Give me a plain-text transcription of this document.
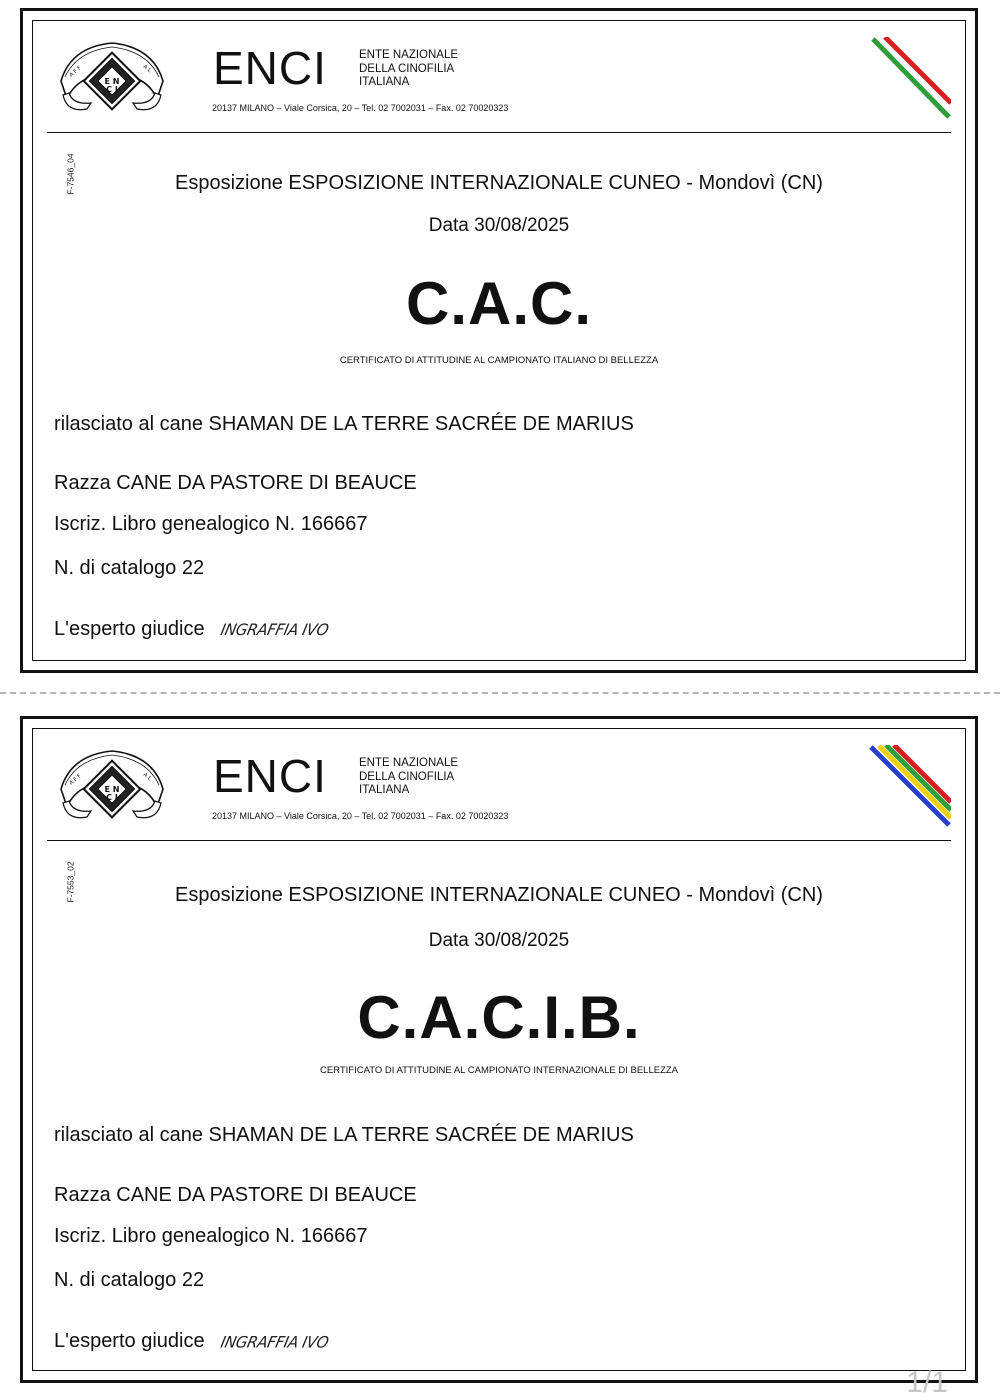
E N
C I
A F F	A L ENCI	ENTE NAZIONALE
DELLA CINOFILIA
ITALIANA
20137 MILANO – Viale Corsica, 20 – Tel. 02 7002031 – Fax. 02 70020323
F-7546_04	Esposizione ESPOSIZIONE INTERNAZIONALE CUNEO - Mondovì (CN)
Data 30/08/2025
C.A.C.
CERTIFICATO DI ATTITUDINE AL CAMPIONATO ITALIANO DI BELLEZZA
rilasciato al cane SHAMAN DE LA TERRE SACRÉE DE MARIUS
Razza CANE DA PASTORE DI BEAUCE
Iscriz. Libro genealogico N. 166667
N. di catalogo 22
L'esperto giudice INGRAFFIA IVO
E N
C I
A F F	A L ENCI	ENTE NAZIONALE
DELLA CINOFILIA
ITALIANA
20137 MILANO – Viale Corsica, 20 – Tel. 02 7002031 – Fax. 02 70020323
F-7553_02	Esposizione ESPOSIZIONE INTERNAZIONALE CUNEO - Mondovì (CN)
Data 30/08/2025
C.A.C.I.B.
CERTIFICATO DI ATTITUDINE AL CAMPIONATO INTERNAZIONALE DI BELLEZZA
rilasciato al cane SHAMAN DE LA TERRE SACRÉE DE MARIUS
Razza CANE DA PASTORE DI BEAUCE
Iscriz. Libro genealogico N. 166667
N. di catalogo 22
L'esperto giudice INGRAFFIA IVO
1/1
